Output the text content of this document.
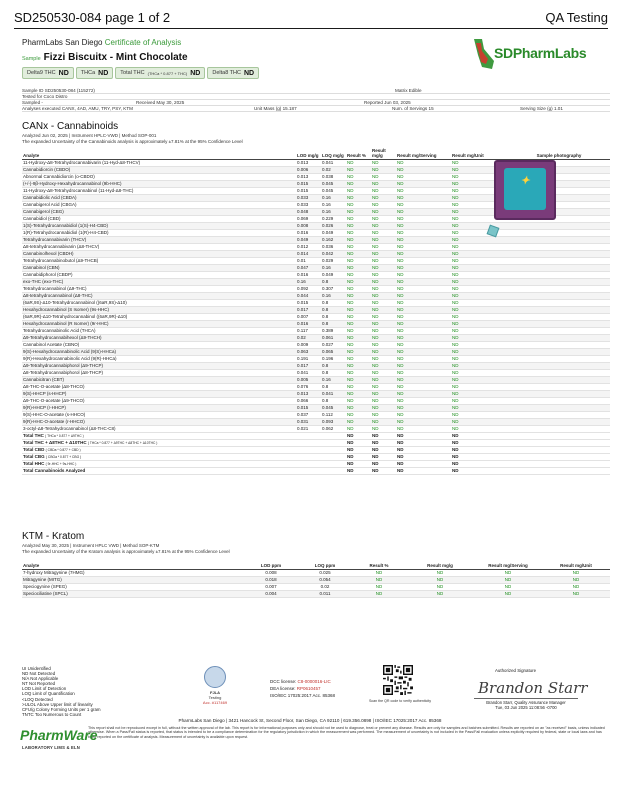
SD250530-084 page 1 of 2	QA Testing
PharmLabs San Diego Certificate of Analysis
Sample Fizzi Biscuitx - Mint Chocolate
Delta9 THC ND THCa ND Total THC (THCa * 0.877 + THC) ND Delta8 THC ND
SDPharmLabs
Sample ID SD250530-084 (115272)	Matrix Edible
Tested for Coco Distro
Sampled -	Received May 30, 2025	Reported Jun 03, 2025
Analyses executed CANX, 4AD, AMU, TRY, PSY, KTM	Unit Mass (g) 15.187	Num. of Servings 15	Serving Size (g) 1.01
CANx - Cannabinoids
Analyzed Jun 02, 2025 | Instrument HPLC-VWD | Method SOP-001
The expanded Uncertainty of the Cannabinoids analysis is approximately ±7.81% at the 95% Confidence Level
Analyte	LOD mg/g	LOQ mg/g	Result %	Result mg/g	Result mg/Serving	Result mg/Unit	Sample photography
11-Hydroxy-Δ8-Tetrahydrocannabivarin (11-Hyd-Δ8-THCV)	0.013	0.041	ND	ND	ND	ND	
Cannabidiorcin (CBDO)	0.006	0.02	ND	ND	ND	ND	
Abnormal Cannabidiorcin (o-CBDO)	0.013	0.038	ND	ND	ND	ND	
(+/-)-9β-Hydroxy-Hexahydrocannabinol (9b-HHC)	0.015	0.045	ND	ND	ND	ND	
11-Hydroxy-Δ8-Tetrahydrocannabinol (11-Hyd-Δ8-THC)	0.015	0.045	ND	ND	ND	ND	
Cannabidiolic Acid (CBDA)	0.033	0.16	ND	ND	ND	ND	
Cannabigerol Acid (CBGA)	0.033	0.16	ND	ND	ND	ND	
Cannabigerol (CBG)	0.048	0.16	ND	ND	ND	ND	
Cannabidiol (CBD)	0.069	0.229	ND	ND	ND	ND	
1(S)-Tetrahydrocannabidiol (1(S)-H4-CBD)	0.008	0.026	ND	ND	ND	ND	
1(R)-Tetrahydrocannabidiol (1(R)-H4-CBD)	0.016	0.049	ND	ND	ND	ND	
Tetrahydrocannabivarin (THCV)	0.049	0.162	ND	ND	ND	ND	
Δ8-tetrahydrocannabivarin (Δ8-THCV)	0.012	0.036	ND	ND	ND	ND	
Cannabinolhexol (CBDH)	0.014	0.042	ND	ND	ND	ND	
Tetrahydrocannabinobutol (Δ9-THCB)	0.01	0.029	ND	ND	ND	ND	
Cannabinol (CBN)	0.047	0.16	ND	ND	ND	ND	
Cannabidiphorol (CBDP)	0.016	0.049	ND	ND	ND	ND	
exo-THC (exo-THC)	0.16	0.8	ND	ND	ND	ND	
Tetrahydrocannabinol (Δ9-THC)	0.092	0.307	ND	ND	ND	ND	
Δ8-tetrahydrocannabinol (Δ8-THC)	0.044	0.16	ND	ND	ND	ND	
(6aR,9S)-Δ10-Tetrahydrocannabinol ((6aR,9S)-Δ10)	0.015	0.8	ND	ND	ND	ND	
Hexahydrocannabinol (S Isomer) (9s-HHC)	0.017	0.8	ND	ND	ND	ND	
(6aR,9R)-Δ10-Tetrahydrocannabinol ((6aR,9R)-Δ10)	0.007	0.8	ND	ND	ND	ND	
Hexahydrocannabinol (R Isomer) (9r-HHC)	0.016	0.8	ND	ND	ND	ND	
Tetrahydrocannabinolic Acid (THCA)	0.117	0.389	ND	ND	ND	ND	
Δ9-Tetrahydrocannabihexol (Δ9-THCH)	0.02	0.061	ND	ND	ND	ND	
Cannabinol Acetate (CBNO)	0.009	0.027	ND	ND	ND	ND	
9(S)-Hexahydrocannabinolic Acid (9(S)-HHCa)	0.063	0.065	ND	ND	ND	ND	
9(R)-Hexahydrocannabinolic Acid (9(R)-HHCa)	0.191	0.196	ND	ND	ND	ND	
Δ9-Tetrahydrocannabiphorol (Δ9-THCP)	0.017	0.8	ND	ND	ND	ND	
Δ8-Tetrahydrocannabiphorol (Δ8-THCP)	0.041	0.8	ND	ND	ND	ND	
Cannabicitran (CBT)	0.005	0.16	ND	ND	ND	ND	
Δ8-THC-O-acetate (Δ8-THCO)	0.076	0.8	ND	ND	ND	ND	
9(S)-HHCP (s-HHCP)	0.013	0.041	ND	ND	ND	ND	
Δ9-THC-O-acetate (Δ9-THCO)	0.066	0.8	ND	ND	ND	ND	
9(R)-HHCP (r-HHCP)	0.015	0.045	ND	ND	ND	ND	
9(S)-HHC-O-acetate (s-HHCO)	0.037	0.112	ND	ND	ND	ND	
9(R)-HHC-O-acetate (r-HHCO)	0.031	0.093	ND	ND	ND	ND	
3-octyl-Δ8-Tetrahydrocannabinol (Δ8-THC-C8)	0.021	0.062	ND	ND	ND	ND	
Total THC ( THCa * 0.877 + Δ9THC )			ND	ND	ND	ND	
Total THC + Δ8THC + Δ10THC ( THCa * 0.877 + Δ9THC + Δ8THC + Δ10THC )			ND	ND	ND	ND	
Total CBD ( CBDa * 0.877 + CBD )			ND	ND	ND	ND	
Total CBG ( CBGa * 0.877 + CBG )			ND	ND	ND	ND	
Total HHC ( 9r-HHC + 9s-HHC )			ND	ND	ND	ND	
Total Cannabinoids Analyzed			ND	ND	ND	ND	
✦
KTM - Kratom
Analyzed May 30, 2025 | Instrument HPLC VWD | Method SOP-KTM
The expanded Uncertainty of the Kratom analysis is approximately ±7.81% at the 95% Confidence Level
Analyte	LOD ppm	LOQ ppm	Result %	Result mg/g	Result mg/Serving	Result mg/Unit
7-hydroxy Mitragynine (7HMG)	0.008	0.025	ND	ND	ND	ND
Mitragynine (MITG)	0.018	0.054	ND	ND	ND	ND
Speciogynine (SPEG)	0.007	0.02	ND	ND	ND	ND
Speciociliatine (SPCL)	0.004	0.011	ND	ND	ND	ND
UI Unidentified
ND Not Detected
N/A Not Applicable
NT Not Reported
LOD Limit of Detection
LOQ Limit of Quantification
<LOQ Detected
>ULOL Above Upper limit of linearity
CFU/g Colony Forming Units per 1 gram
TNTC Too Numerous to Count
FJLA
Testing
Acc. #117469
DCC license: C8-0000016-LIC
DEA license: RP0610457
ISO/IEC 17025:2017 Acc. 85368
Scan the QR code to verify authenticity
Authorized Signature
Brandon Starr
Brandon Starr, Quality Assurance Manager
Tue, 03 Jun 2025 11:08:56 -0700
PharmLabs San Diego | 3421 Hancock St, Second Floor, San Diego, CA 92110 | 619.356.0898 | ISO/IEC 17025:2017 Acc. 85368
This report shall not be reproduced except in full, without the written approval of the lab. This report is for informational purposes only and should not be used to diagnose, treat or prevent any disease. Results are only for samples and batches submitted. Results are reported on an "as received" basis, unless indicated otherwise. When a Pass/Fail status is reported, that status is intended to be a compliance determination for the regulatory jurisdiction in which the measurement was performed. The measurement of uncertainty is not included in the Pass/Fail evaluation unless explicitly required by federal, state or local laws and has been reported on the certificate of analysis. Measurement of uncertainty is available upon request.
PharmWare
LABORATORY LIMS & ELN
